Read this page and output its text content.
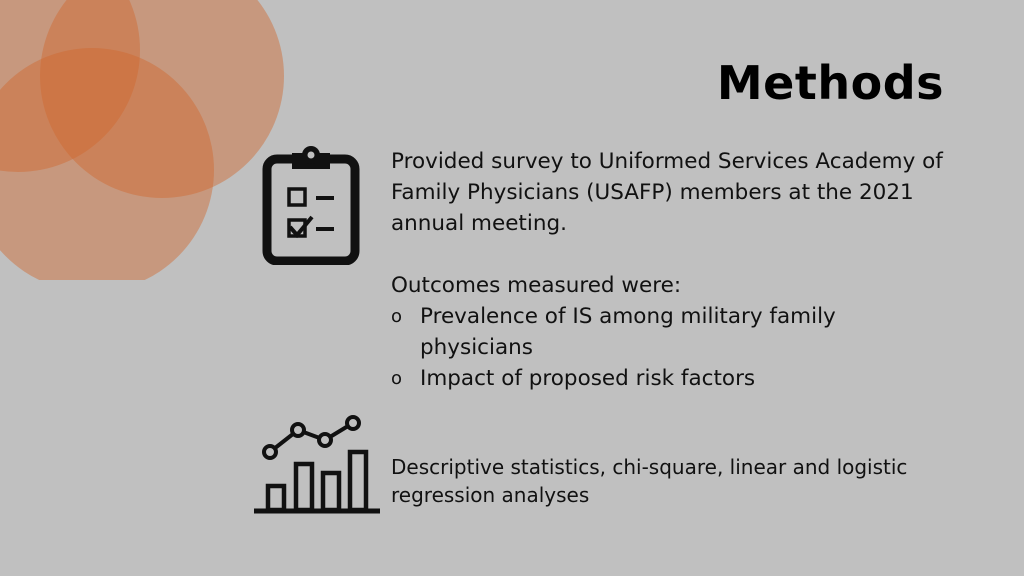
Methods

Provided survey to Uniformed Services Academy of Family Physicians (USAFP) members at the 2021 annual meeting.

Outcomes measured were:

o Prevalence of IS among military family physicians
o Impact of proposed risk factors

Descriptive statistics, chi-square, linear and logistic regression analyses
